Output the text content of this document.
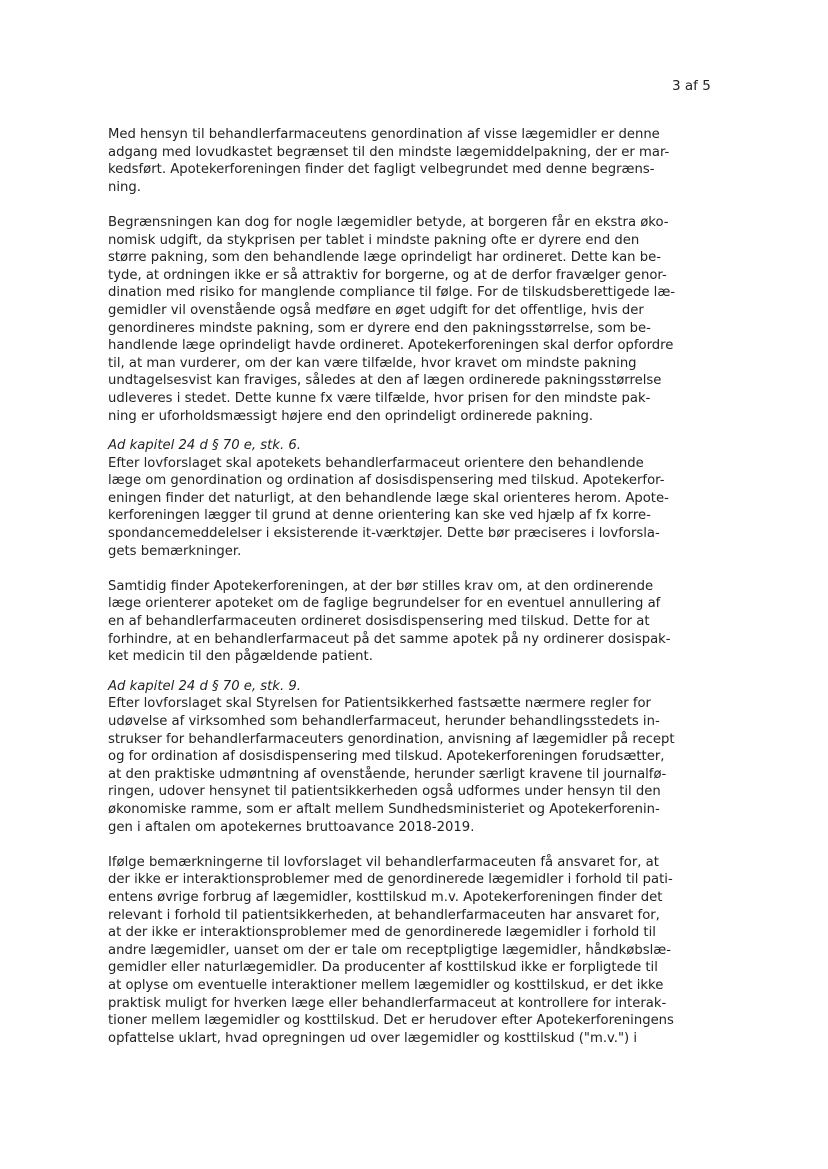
3 af 5

Med hensyn til behandlerfarmaceutens genordination af visse lægemidler er denne
adgang med lovudkastet begrænset til den mindste lægemiddelpakning, der er mar-
kedsført. Apotekerforeningen finder det fagligt velbegrundet med denne begræns-
ning.

Begrænsningen kan dog for nogle lægemidler betyde, at borgeren får en ekstra øko-
nomisk udgift, da stykprisen per tablet i mindste pakning ofte er dyrere end den
større pakning, som den behandlende læge oprindeligt har ordineret. Dette kan be-
tyde, at ordningen ikke er så attraktiv for borgerne, og at de derfor fravælger genor-
dination med risiko for manglende compliance til følge. For de tilskudsberettigede læ-
gemidler vil ovenstående også medføre en øget udgift for det offentlige, hvis der
genordineres mindste pakning, som er dyrere end den pakningsstørrelse, som be-
handlende læge oprindeligt havde ordineret. Apotekerforeningen skal derfor opfordre
til, at man vurderer, om der kan være tilfælde, hvor kravet om mindste pakning
undtagelsesvist kan fraviges, således at den af lægen ordinerede pakningsstørrelse
udleveres i stedet. Dette kunne fx være tilfælde, hvor prisen for den mindste pak-
ning er uforholdsmæssigt højere end den oprindeligt ordinerede pakning.

Ad kapitel 24 d § 70 e, stk. 6.

Efter lovforslaget skal apotekets behandlerfarmaceut orientere den behandlende
læge om genordination og ordination af dosisdispensering med tilskud. Apotekerfor-
eningen finder det naturligt, at den behandlende læge skal orienteres herom. Apote-
kerforeningen lægger til grund at denne orientering kan ske ved hjælp af fx korre-
spondancemeddelelser i eksisterende it-værktøjer. Dette bør præciseres i lovforsla-
gets bemærkninger.

Samtidig finder Apotekerforeningen, at der bør stilles krav om, at den ordinerende
læge orienterer apoteket om de faglige begrundelser for en eventuel annullering af
en af behandlerfarmaceuten ordineret dosisdispensering med tilskud. Dette for at
forhindre, at en behandlerfarmaceut på det samme apotek på ny ordinerer dosispak-
ket medicin til den pågældende patient.

Ad kapitel 24 d § 70 e, stk. 9.

Efter lovforslaget skal Styrelsen for Patientsikkerhed fastsætte nærmere regler for
udøvelse af virksomhed som behandlerfarmaceut, herunder behandlingsstedets in-
strukser for behandlerfarmaceuters genordination, anvisning af lægemidler på recept
og for ordination af dosisdispensering med tilskud. Apotekerforeningen forudsætter,
at den praktiske udmøntning af ovenstående, herunder særligt kravene til journalfø-
ringen, udover hensynet til patientsikkerheden også udformes under hensyn til den
økonomiske ramme, som er aftalt mellem Sundhedsministeriet og Apotekerforenin-
gen i aftalen om apotekernes bruttoavance 2018-2019.

Ifølge bemærkningerne til lovforslaget vil behandlerfarmaceuten få ansvaret for, at
der ikke er interaktionsproblemer med de genordinerede lægemidler i forhold til pati-
entens øvrige forbrug af lægemidler, kosttilskud m.v. Apotekerforeningen finder det
relevant i forhold til patientsikkerheden, at behandlerfarmaceuten har ansvaret for,
at der ikke er interaktionsproblemer med de genordinerede lægemidler i forhold til
andre lægemidler, uanset om der er tale om receptpligtige lægemidler, håndkøbslæ-
gemidler eller naturlægemidler. Da producenter af kosttilskud ikke er forpligtede til
at oplyse om eventuelle interaktioner mellem lægemidler og kosttilskud, er det ikke
praktisk muligt for hverken læge eller behandlerfarmaceut at kontrollere for interak-
tioner mellem lægemidler og kosttilskud. Det er herudover efter Apotekerforeningens
opfattelse uklart, hvad opregningen ud over lægemidler og kosttilskud ("m.v.") i
